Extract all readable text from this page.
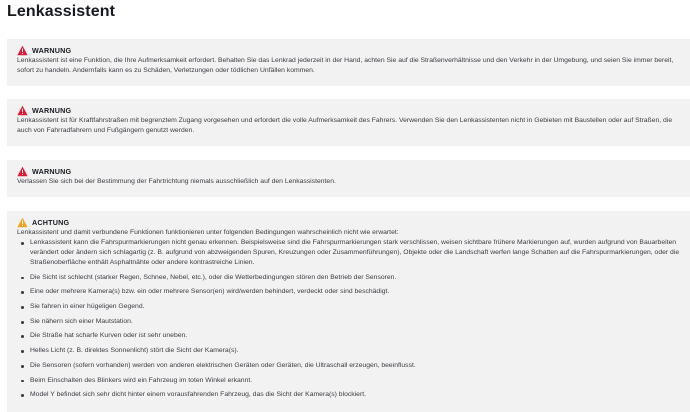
Lenkassistent
WARNUNG
Lenkassistent ist eine Funktion, die Ihre Aufmerksamkeit erfordert. Behalten Sie das Lenkrad jederzeit in der Hand, achten Sie auf die Straßenverhältnisse und den Verkehr in der Umgebung, und seien Sie immer bereit, sofort zu handeln. Andernfalls kann es zu Schäden, Verletzungen oder tödlichen Unfällen kommen.
WARNUNG
Lenkassistent ist für Kraftfahrstraßen mit begrenztem Zugang vorgesehen und erfordert die volle Aufmerksamkeit des Fahrers. Verwenden Sie den Lenkassistenten nicht in Gebieten mit Baustellen oder auf Straßen, die auch von Fahrradfahrern und Fußgängern genutzt werden.
WARNUNG
Verlassen Sie sich bei der Bestimmung der Fahrtrichtung niemals ausschließlich auf den Lenkassistenten.
ACHTUNG
Lenkassistent und damit verbundene Funktionen funktionieren unter folgenden Bedingungen wahrscheinlich nicht wie erwartet:
Lenkassistent kann die Fahrspurmarkierungen nicht genau erkennen. Beispielsweise sind die Fahrspurmarkierungen stark verschlissen, weisen sichtbare frühere Markierungen auf, wurden aufgrund von Bauarbeiten verändert oder ändern sich schlagartig (z. B. aufgrund von abzweigenden Spuren, Kreuzungen oder Zusammenführungen), Objekte oder die Landschaft werfen lange Schatten auf die Fahrspurmarkierungen, oder die Straßenoberfläche enthält Asphaltnähte oder andere kontrastreiche Linien.
Die Sicht ist schlecht (starker Regen, Schnee, Nebel, etc.), oder die Wetterbedingungen stören den Betrieb der Sensoren.
Eine oder mehrere Kamera(s) bzw. ein oder mehrere Sensor(en) wird/werden behindert, verdeckt oder sind beschädigt.
Sie fahren in einer hügeligen Gegend.
Sie nähern sich einer Mautstation.
Die Straße hat scharfe Kurven oder ist sehr uneben.
Helles Licht (z. B. direktes Sonnenlicht) stört die Sicht der Kamera(s).
Die Sensoren (sofern vorhanden) werden von anderen elektrischen Geräten oder Geräten, die Ultraschall erzeugen, beeinflusst.
Beim Einschalten des Blinkers wird ein Fahrzeug im toten Winkel erkannt.
Model Y befindet sich sehr dicht hinter einem vorausfahrenden Fahrzeug, das die Sicht der Kamera(s) blockiert.
